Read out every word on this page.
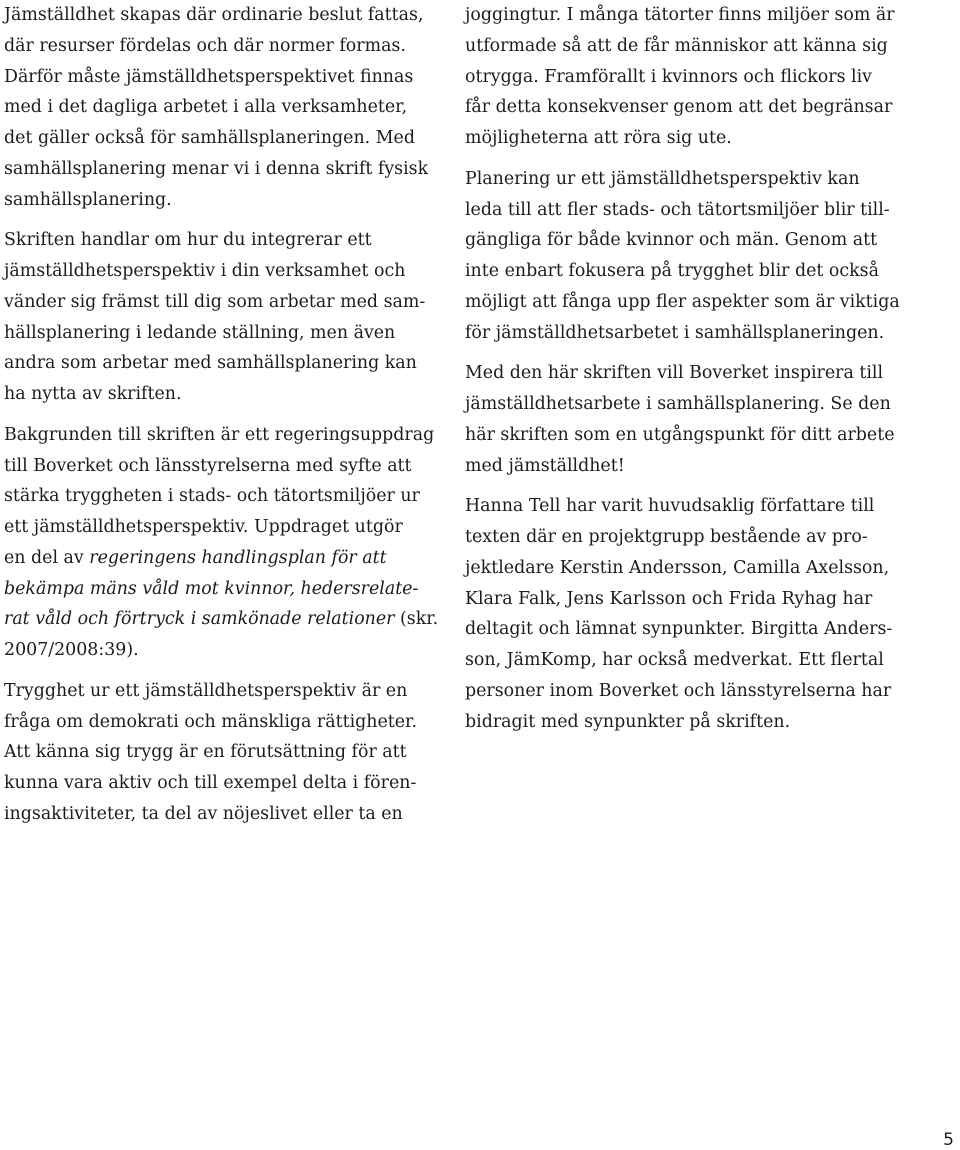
Jämställdhet skapas där ordinarie beslut fattas,
där resurser fördelas och där normer formas.
Därför måste jämställdhetsperspektivet finnas
med i det dagliga arbetet i alla verksamheter,
det gäller också för samhällsplaneringen. Med
samhällsplanering menar vi i denna skrift fysisk
samhällsplanering.
Skriften handlar om hur du integrerar ett
jämställdhetsperspektiv i din verksamhet och
vänder sig främst till dig som arbetar med sam-
hällsplanering i ledande ställning, men även
andra som arbetar med samhällsplanering kan
ha nytta av skriften.
Bakgrunden till skriften är ett regeringsuppdrag
till Boverket och länsstyrelserna med syfte att
stärka tryggheten i stads- och tätortsmiljöer ur
ett jämställdhetsperspektiv. Uppdraget utgör
en del av regeringens handlingsplan för att
bekämpa mäns våld mot kvinnor, hedersrelate-
rat våld och förtryck i samkönade relationer (skr.
2007/2008:39).
Trygghet ur ett jämställdhetsperspektiv är en
fråga om demokrati och mänskliga rättigheter.
Att känna sig trygg är en förutsättning för att
kunna vara aktiv och till exempel delta i fören-
ingsaktiviteter, ta del av nöjeslivet eller ta en
joggingtur. I många tätorter finns miljöer som är
utformade så att de får människor att känna sig
otrygga. Framförallt i kvinnors och flickors liv
får detta konsekvenser genom att det begränsar
möjligheterna att röra sig ute.
Planering ur ett jämställdhetsperspektiv kan
leda till att fler stads- och tätortsmiljöer blir till-
gängliga för både kvinnor och män. Genom att
inte enbart fokusera på trygghet blir det också
möjligt att fånga upp fler aspekter som är viktiga
för jämställdhetsarbetet i samhällsplaneringen.
Med den här skriften vill Boverket inspirera till
jämställdhetsarbete i samhällsplanering. Se den
här skriften som en utgångspunkt för ditt arbete
med jämställdhet!
Hanna Tell har varit huvudsaklig författare till
texten där en projektgrupp bestående av pro-
jektledare Kerstin Andersson, Camilla Axelsson,
Klara Falk, Jens Karlsson och Frida Ryhag har
deltagit och lämnat synpunkter. Birgitta Anders-
son, JämKomp, har också medverkat. Ett flertal
personer inom Boverket och länsstyrelserna har
bidragit med synpunkter på skriften.
5
